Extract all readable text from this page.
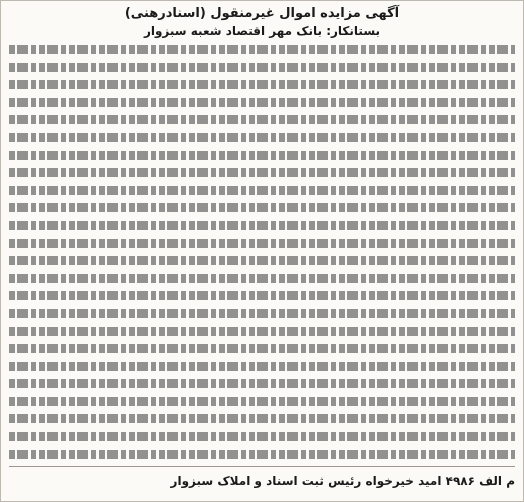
آگهی مزایده اموال غیرمنقول (اسنادرهنی)
بستانکار: بانک مهر اقتصاد شعبه سبزوار
م الف ۴۹۸۶ امید خیرخواه رئیس ثبت اسناد و املاک سبزوار
